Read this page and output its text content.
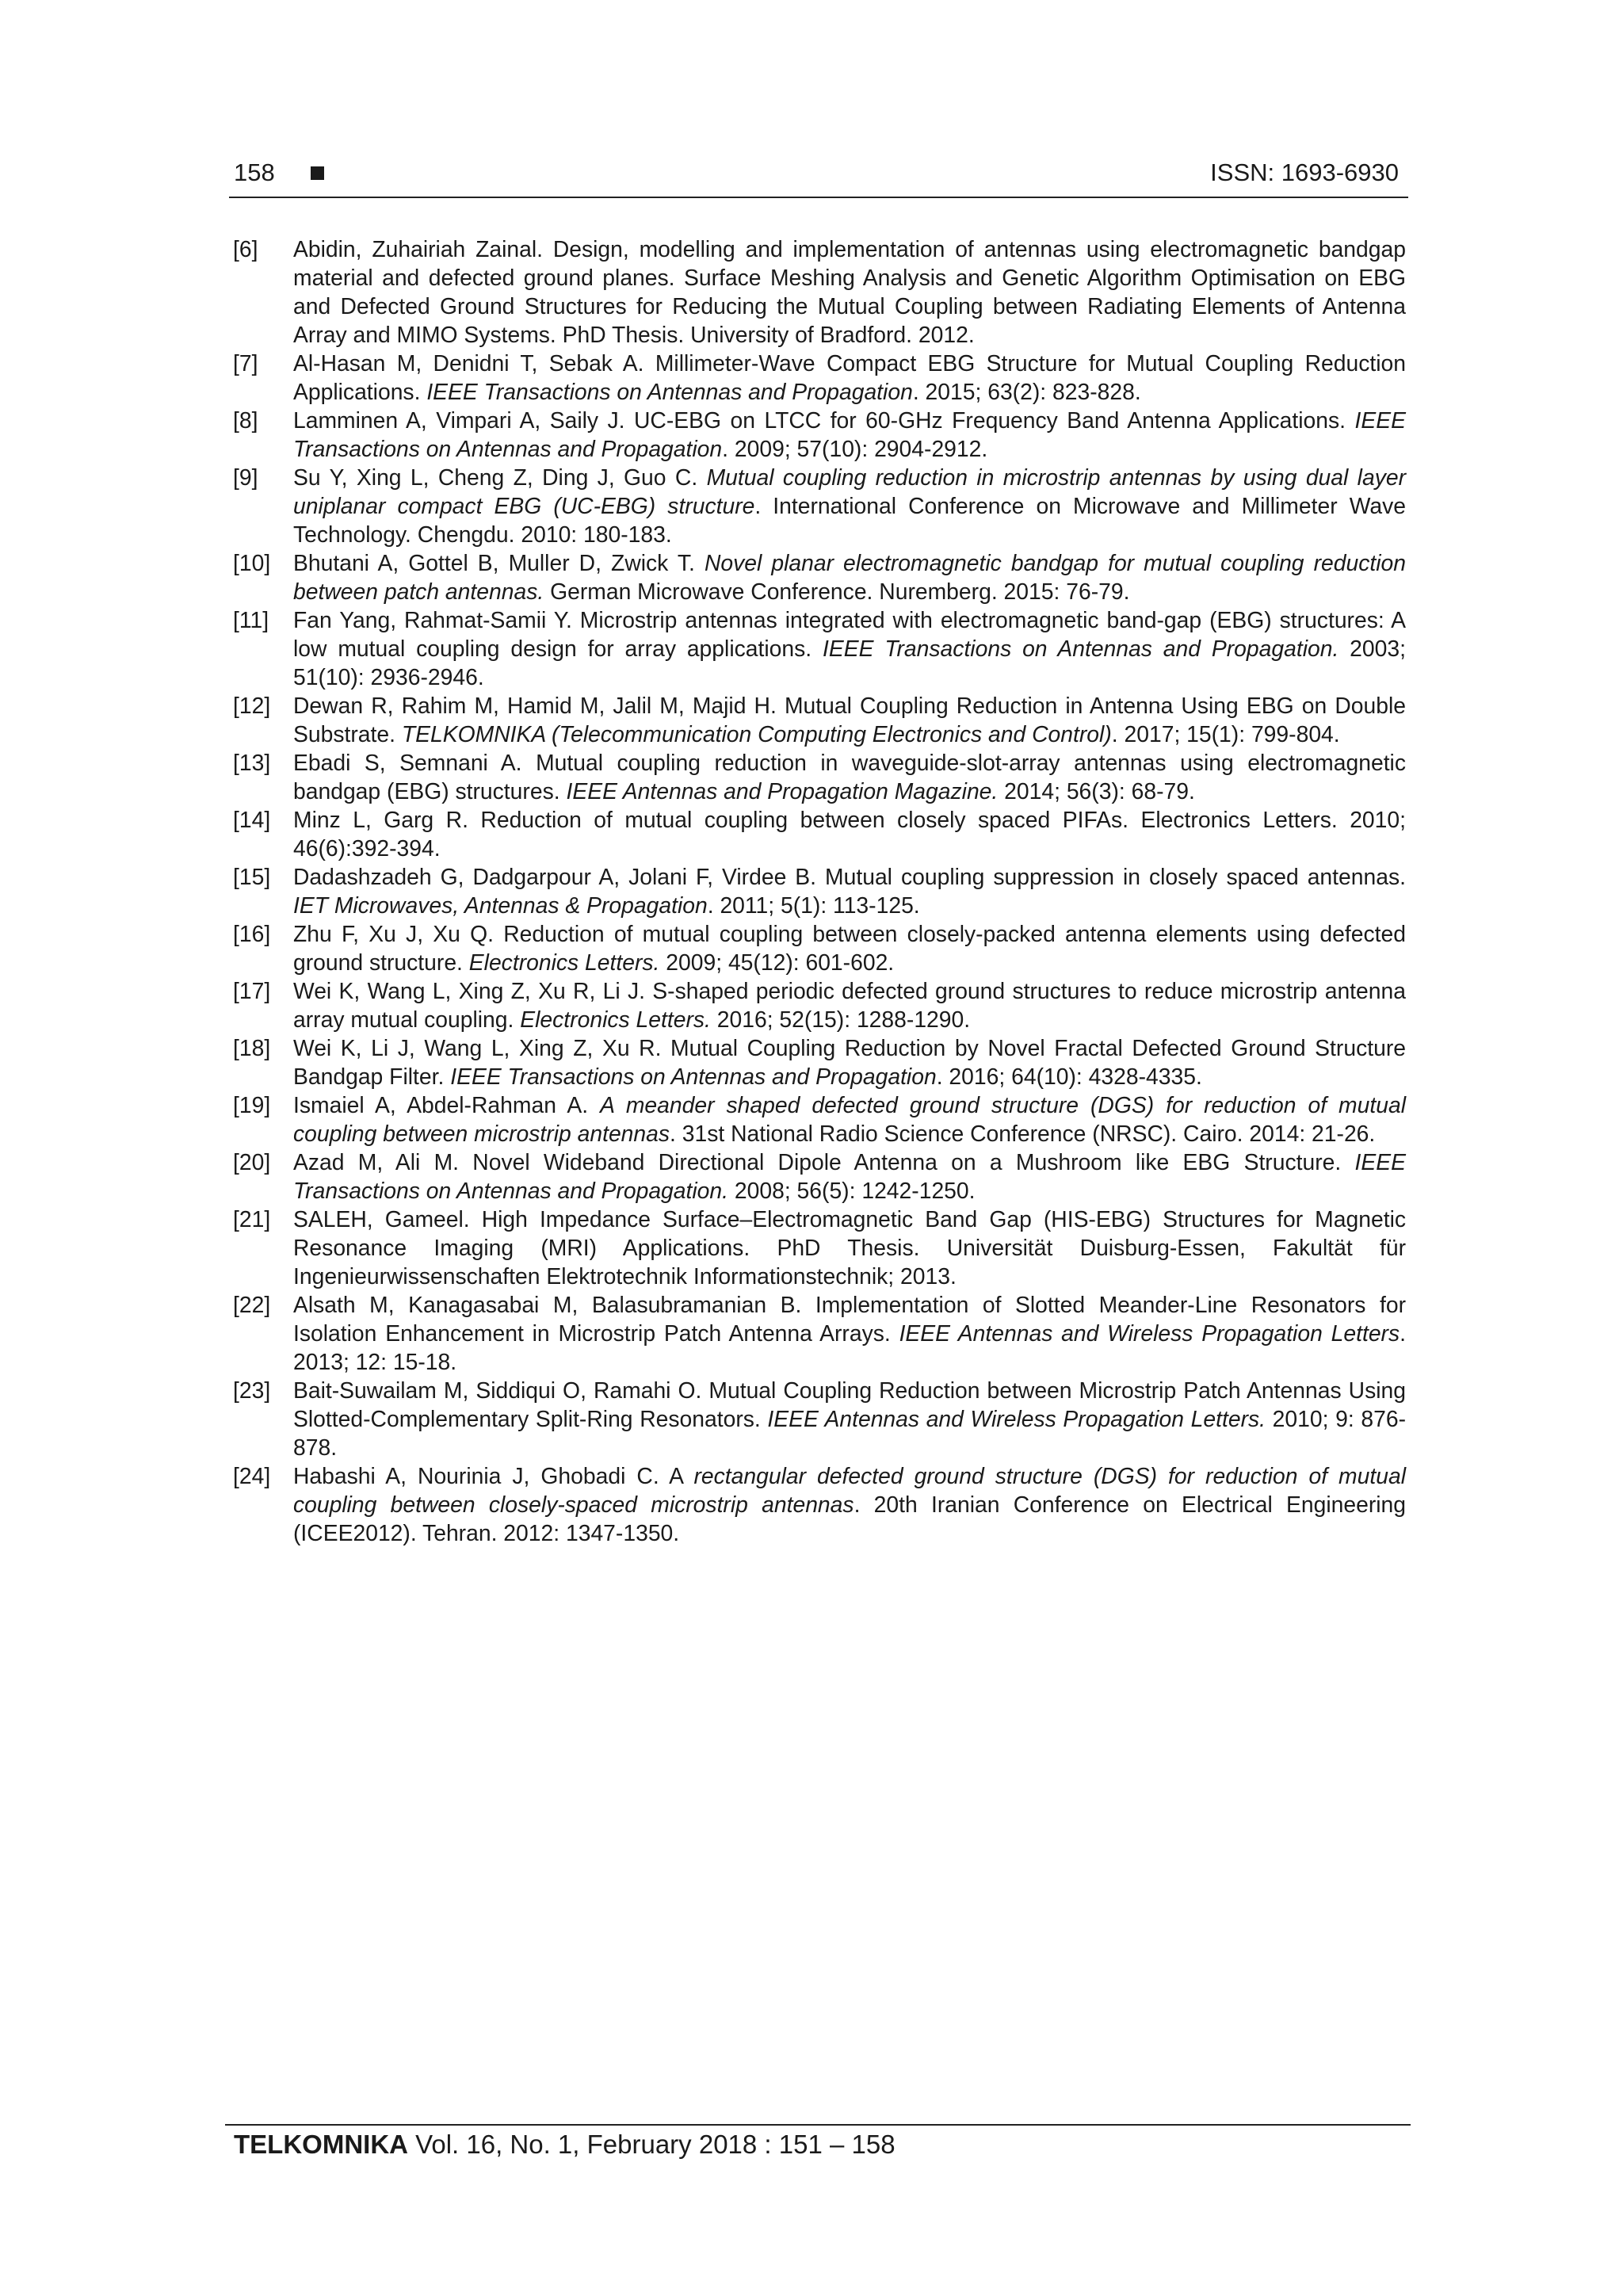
158	ISSN: 1693-6930
[6] Abidin, Zuhairiah Zainal. Design, modelling and implementation of antennas using electromagnetic bandgap material and defected ground planes. Surface Meshing Analysis and Genetic Algorithm Optimisation on EBG and Defected Ground Structures for Reducing the Mutual Coupling between Radiating Elements of Antenna Array and MIMO Systems. PhD Thesis. University of Bradford. 2012.
[7] Al-Hasan M, Denidni T, Sebak A. Millimeter-Wave Compact EBG Structure for Mutual Coupling Reduction Applications. IEEE Transactions on Antennas and Propagation. 2015; 63(2): 823-828.
[8] Lamminen A, Vimpari A, Saily J. UC-EBG on LTCC for 60-GHz Frequency Band Antenna Applications. IEEE Transactions on Antennas and Propagation. 2009; 57(10): 2904-2912.
[9] Su Y, Xing L, Cheng Z, Ding J, Guo C. Mutual coupling reduction in microstrip antennas by using dual layer uniplanar compact EBG (UC-EBG) structure. International Conference on Microwave and Millimeter Wave Technology. Chengdu. 2010: 180-183.
[10] Bhutani A, Gottel B, Muller D, Zwick T. Novel planar electromagnetic bandgap for mutual coupling reduction between patch antennas. German Microwave Conference. Nuremberg. 2015: 76-79.
[11] Fan Yang, Rahmat-Samii Y. Microstrip antennas integrated with electromagnetic band-gap (EBG) structures: A low mutual coupling design for array applications. IEEE Transactions on Antennas and Propagation. 2003; 51(10): 2936-2946.
[12] Dewan R, Rahim M, Hamid M, Jalil M, Majid H. Mutual Coupling Reduction in Antenna Using EBG on Double Substrate. TELKOMNIKA (Telecommunication Computing Electronics and Control). 2017; 15(1): 799-804.
[13] Ebadi S, Semnani A. Mutual coupling reduction in waveguide-slot-array antennas using electromagnetic bandgap (EBG) structures. IEEE Antennas and Propagation Magazine. 2014; 56(3): 68-79.
[14] Minz L, Garg R. Reduction of mutual coupling between closely spaced PIFAs. Electronics Letters. 2010; 46(6):392-394.
[15] Dadashzadeh G, Dadgarpour A, Jolani F, Virdee B. Mutual coupling suppression in closely spaced antennas. IET Microwaves, Antennas & Propagation. 2011; 5(1): 113-125.
[16] Zhu F, Xu J, Xu Q. Reduction of mutual coupling between closely-packed antenna elements using defected ground structure. Electronics Letters. 2009; 45(12): 601-602.
[17] Wei K, Wang L, Xing Z, Xu R, Li J. S-shaped periodic defected ground structures to reduce microstrip antenna array mutual coupling. Electronics Letters. 2016; 52(15): 1288-1290.
[18] Wei K, Li J, Wang L, Xing Z, Xu R. Mutual Coupling Reduction by Novel Fractal Defected Ground Structure Bandgap Filter. IEEE Transactions on Antennas and Propagation. 2016; 64(10): 4328-4335.
[19] Ismaiel A, Abdel-Rahman A. A meander shaped defected ground structure (DGS) for reduction of mutual coupling between microstrip antennas. 31st National Radio Science Conference (NRSC). Cairo. 2014: 21-26.
[20] Azad M, Ali M. Novel Wideband Directional Dipole Antenna on a Mushroom like EBG Structure. IEEE Transactions on Antennas and Propagation. 2008; 56(5): 1242-1250.
[21] SALEH, Gameel. High Impedance Surface–Electromagnetic Band Gap (HIS-EBG) Structures for Magnetic Resonance Imaging (MRI) Applications. PhD Thesis. Universität Duisburg-Essen, Fakultät für Ingenieurwissenschaften Elektrotechnik Informationstechnik; 2013.
[22] Alsath M, Kanagasabai M, Balasubramanian B. Implementation of Slotted Meander-Line Resonators for Isolation Enhancement in Microstrip Patch Antenna Arrays. IEEE Antennas and Wireless Propagation Letters. 2013; 12: 15-18.
[23] Bait-Suwailam M, Siddiqui O, Ramahi O. Mutual Coupling Reduction between Microstrip Patch Antennas Using Slotted-Complementary Split-Ring Resonators. IEEE Antennas and Wireless Propagation Letters. 2010; 9: 876-878.
[24] Habashi A, Nourinia J, Ghobadi C. A rectangular defected ground structure (DGS) for reduction of mutual coupling between closely-spaced microstrip antennas. 20th Iranian Conference on Electrical Engineering (ICEE2012). Tehran. 2012: 1347-1350.
TELKOMNIKA Vol. 16, No. 1, February 2018 : 151 – 158
